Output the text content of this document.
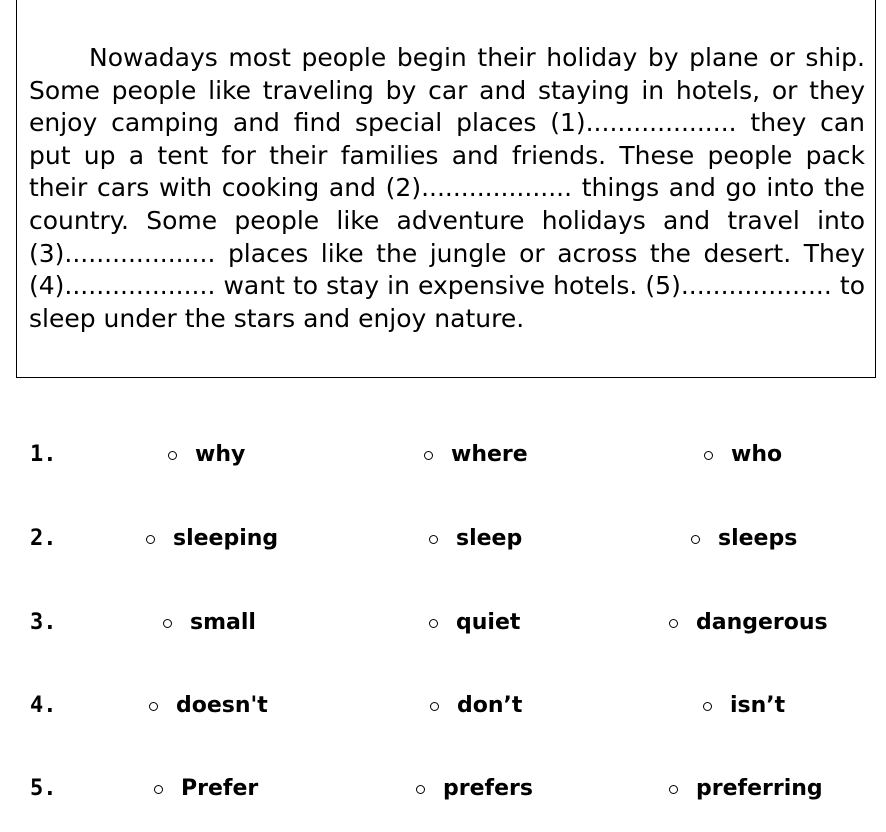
Nowadays most people begin their holiday by plane or ship. Some people like traveling by car and staying in hotels, or they enjoy camping and find special places (1)................... they can put up a tent for their families and friends. These people pack their cars with cooking and (2)................... things and go into the country. Some people like adventure holidays and travel into (3)................... places like the jungle or across the desert. They (4)................... want to stay in expensive hotels. (5)................... to sleep under the stars and enjoy nature.

1.	why	where	who
2.	sleeping	sleep	sleeps
3.	small	quiet	dangerous
4.	doesn't	don’t	isn’t
5.	Prefer	prefers	preferring
